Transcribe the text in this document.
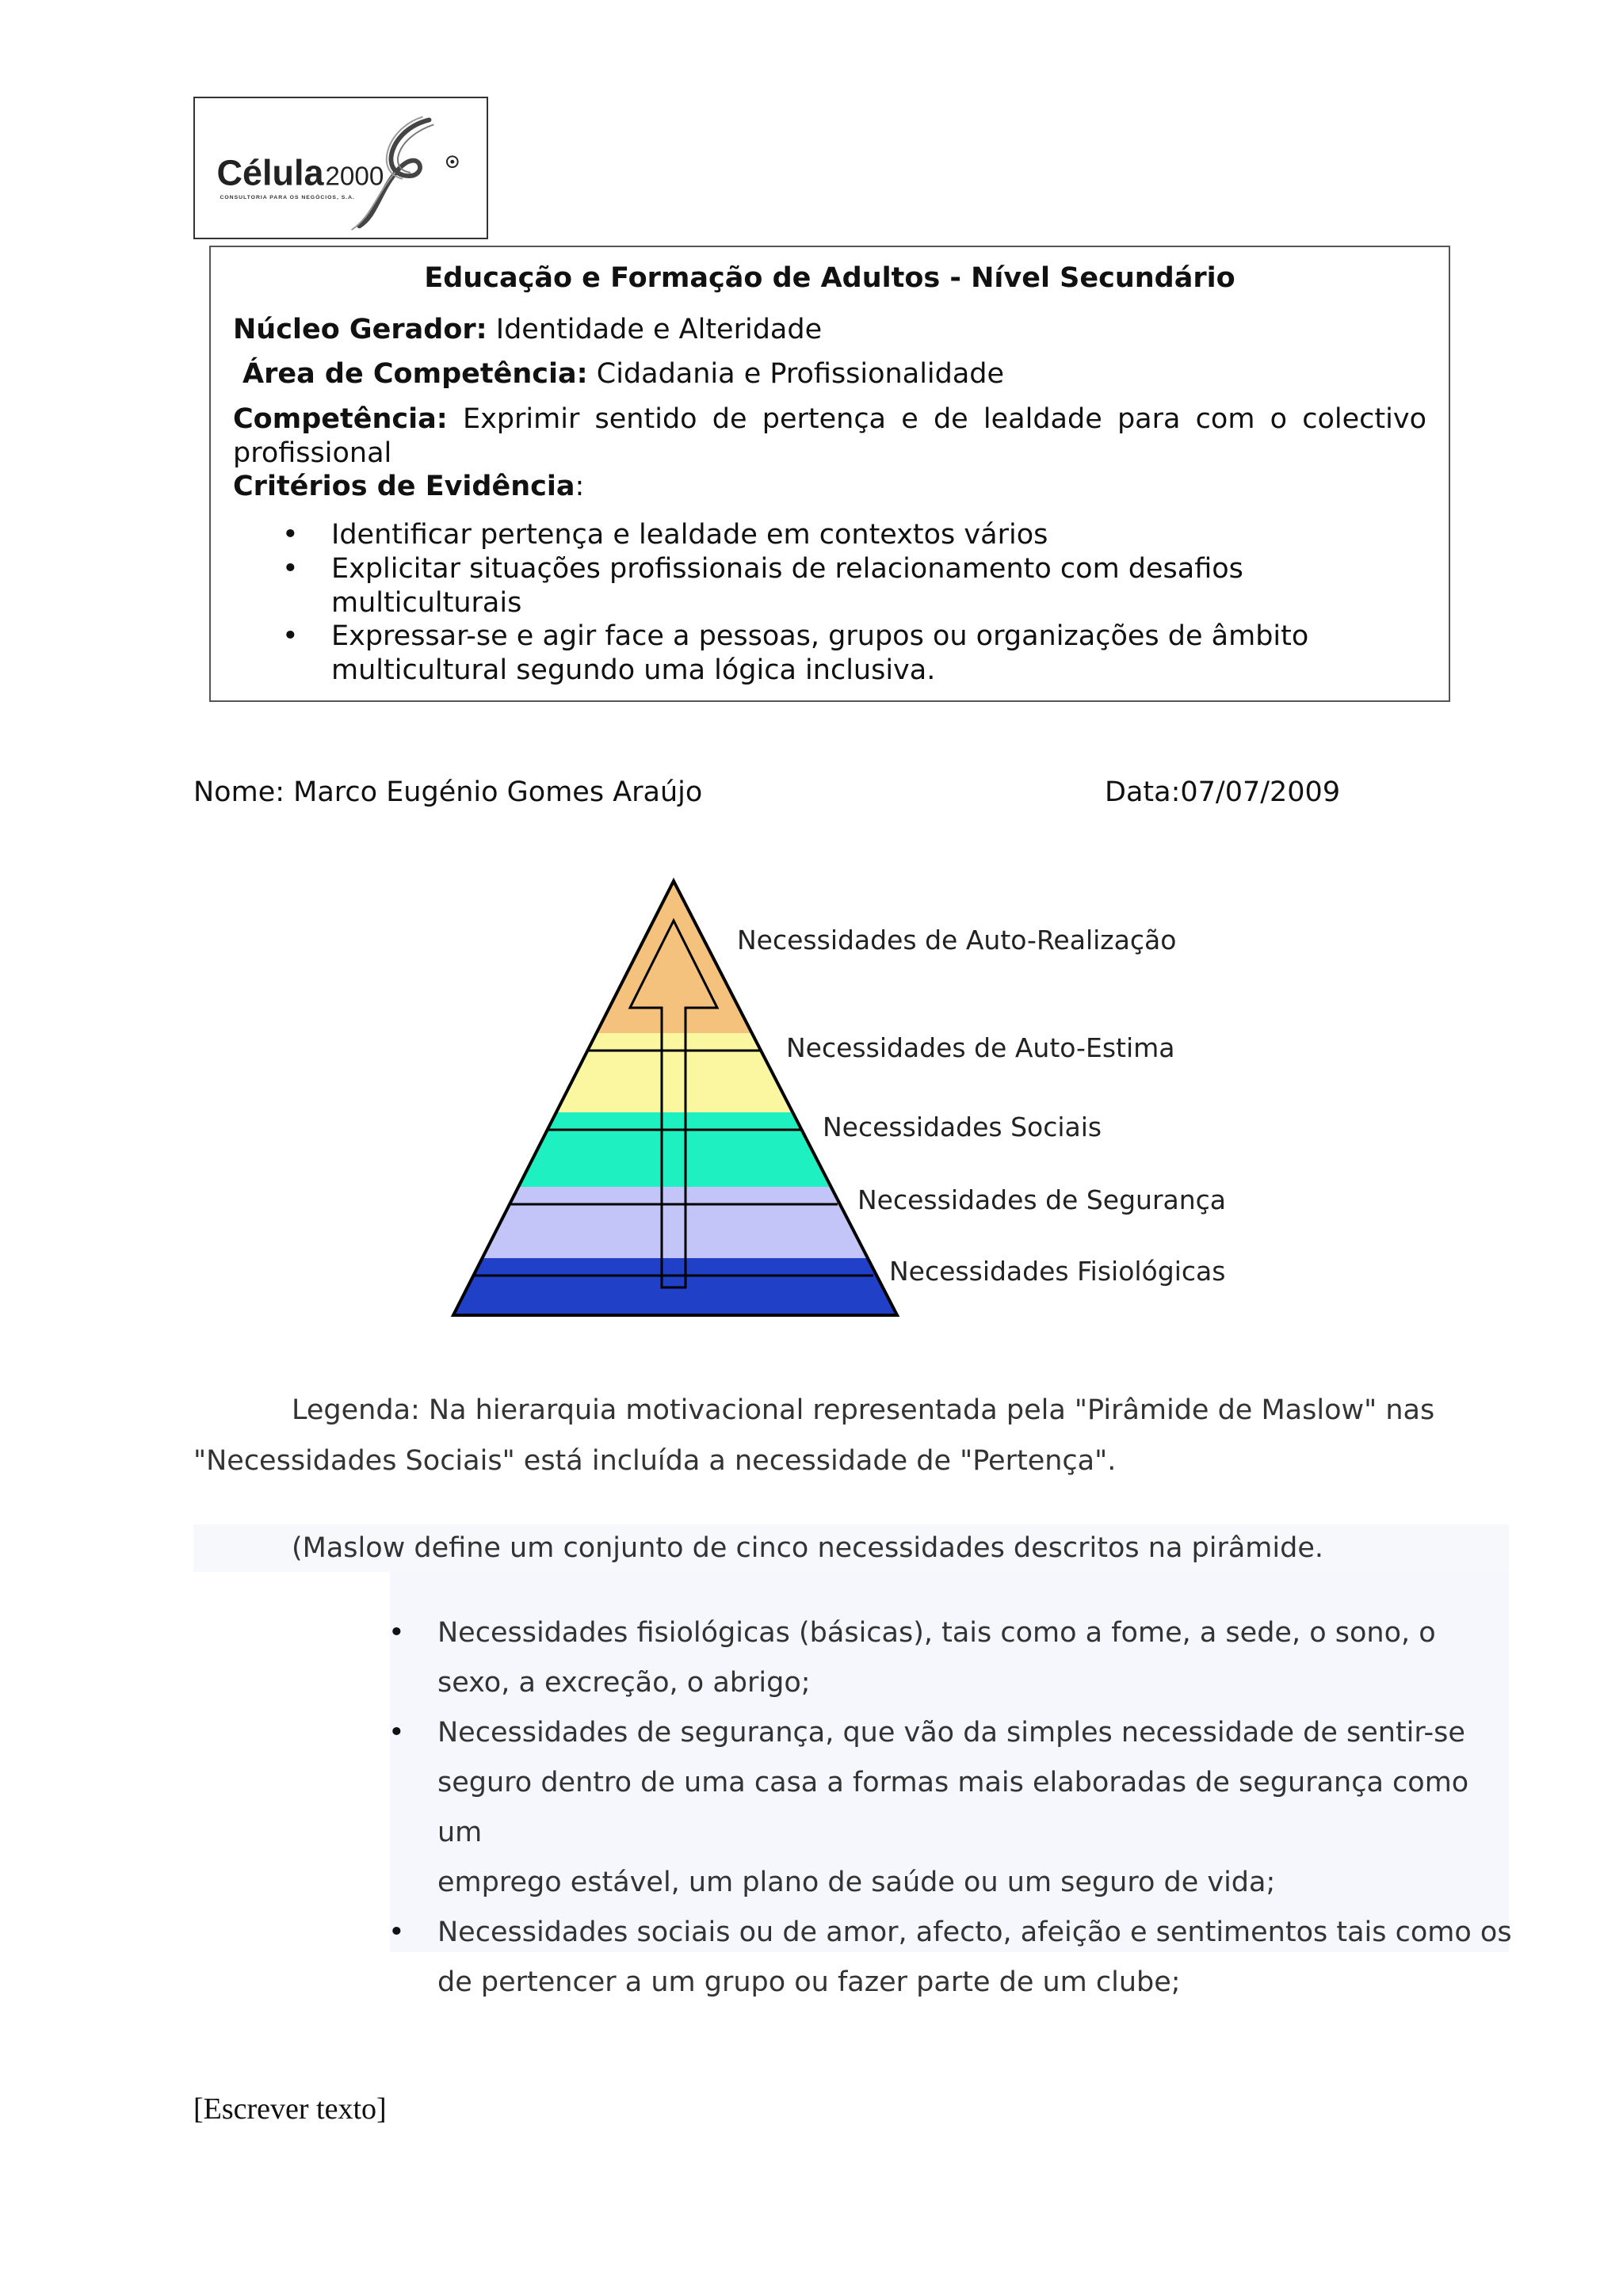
Célula 2000
CONSULTORIA PARA OS NEGÓCIOS, S.A.
Educação e Formação de Adultos - Nível Secundário
Núcleo Gerador: Identidade e Alteridade
Área de Competência: Cidadania e Profissionalidade
Competência: Exprimir sentido de pertença e de lealdade para com o colectivo
profissional
Critérios de Evidência:
• Identificar pertença e lealdade em contextos vários
• Explicitar situações profissionais de relacionamento com desafios multiculturais
• Expressar-se e agir face a pessoas, grupos ou organizações de âmbito
multicultural segundo uma lógica inclusiva.
Nome: Marco Eugénio Gomes Araújo	Data:07/07/2009
Necessidades de Auto-Realização
Necessidades de Auto-Estima
Necessidades Sociais
Necessidades de Segurança
Necessidades Fisiológicas
Legenda: Na hierarquia motivacional representada pela "Pirâmide de Maslow" nas
"Necessidades Sociais" está incluída a necessidade de "Pertença".
(Maslow define um conjunto de cinco necessidades descritos na pirâmide.
• Necessidades fisiológicas (básicas), tais como a fome, a sede, o sono, o
sexo, a excreção, o abrigo;
• Necessidades de segurança, que vão da simples necessidade de sentir-se
seguro dentro de uma casa a formas mais elaboradas de segurança como um
emprego estável, um plano de saúde ou um seguro de vida;
• Necessidades sociais ou de amor, afecto, afeição e sentimentos tais como os
de pertencer a um grupo ou fazer parte de um clube;
[Escrever texto]
